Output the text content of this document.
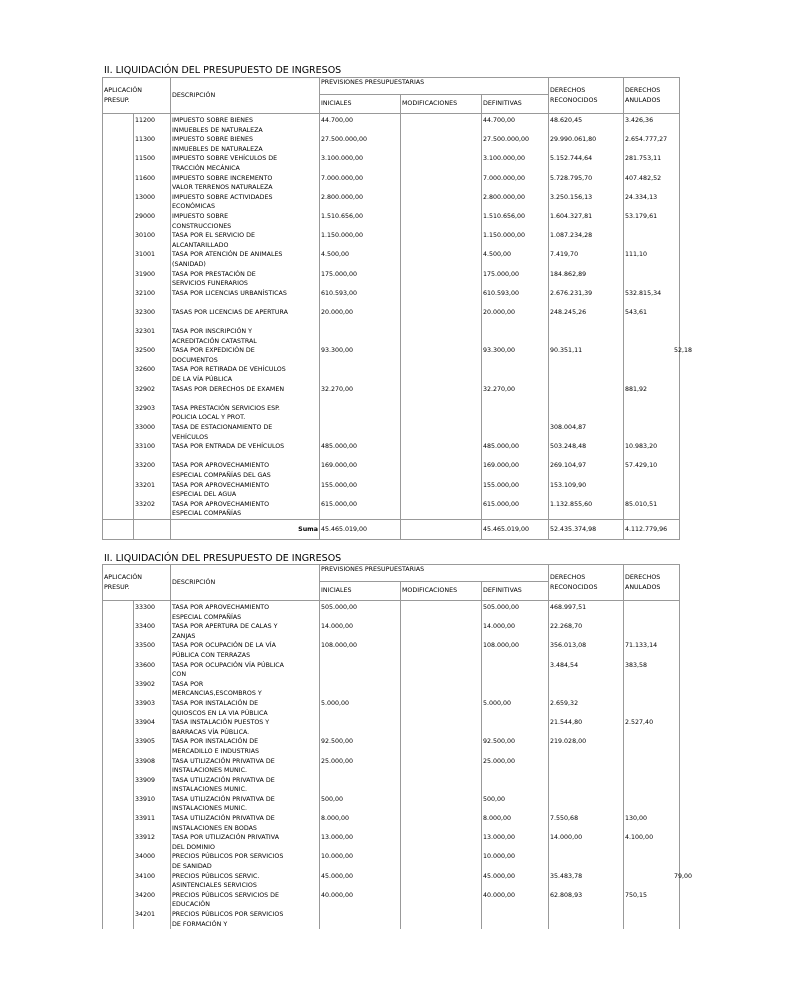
II. LIQUIDACIÓN DEL PRESUPUESTO DE INGRESOS
APLICACIÓN PRESUP.		DESCRIPCIÓN	PREVISIONES PRESUPUESTARIAS			DERECHOS RECONOCIDOS	DERECHOS ANULADOS
			INICIALES	MODIFICACIONES	DEFINITIVAS		
	11200	IMPUESTO SOBRE BIENES INMUEBLES DE NATURALEZA	44.700,00		44.700,00	48.620,45	3.426,36

	11300	IMPUESTO SOBRE BIENES INMUEBLES DE NATURALEZA	27.500.000,00		27.500.000,00	29.990.061,80	2.654.777,27

	11500	IMPUESTO SOBRE VEHÍCULOS DE TRACCIÓN MECÁNICA	3.100.000,00		3.100.000,00	5.152.744,64	281.753,11

	11600	IMPUESTO SOBRE INCREMENTO VALOR TERRENOS NATURALEZA	7.000.000,00		7.000.000,00	5.728.795,70	407.482,52

	13000	IMPUESTO SOBRE ACTIVIDADES ECONÓMICAS	2.800.000,00		2.800.000,00	3.250.156,13	24.334,13

	29000	IMPUESTO SOBRE CONSTRUCCIONES	1.510.656,00		1.510.656,00	1.604.327,81	53.179,61

	30100	TASA POR EL SERVICIO DE ALCANTARILLADO	1.150.000,00		1.150.000,00	1.087.234,28	

	31001	TASA POR ATENCIÓN DE ANIMALES (SANIDAD)	4.500,00		4.500,00	7.419,70	111,10

	31900	TASA POR PRESTACIÓN DE SERVICIOS FUNERARIOS	175.000,00		175.000,00	184.862,89	

	32100	TASA POR LICENCIAS URBANÍSTICAS	610.593,00		610.593,00	2.676.231,39	532.815,34

	32300	TASAS POR LICENCIAS DE APERTURA	20.000,00		20.000,00	248.245,26	543,61

	32301	TASA POR INSCRIPCIÓN Y ACREDITACIÓN CATASTRAL					

	32500	TASA POR EXPEDICIÓN DE DOCUMENTOS	93.300,00		93.300,00	90.351,11	52,18

	32600	TASA POR RETIRADA DE VEHÍCULOS DE LA VÍA PÚBLICA					

	32902	TASAS POR DERECHOS DE EXAMEN	32.270,00		32.270,00		881,92

	32903	TASA PRESTACIÓN SERVICIOS ESP. POLICIA LOCAL Y PROT.					

	33000	TASA DE ESTACIONAMIENTO DE VEHÍCULOS				308.004,87	

	33100	TASA POR ENTRADA DE VEHÍCULOS	485.000,00		485.000,00	503.248,48	10.983,20

	33200	TASA POR APROVECHAMIENTO ESPECIAL COMPAÑÍAS DEL GAS	169.000,00		169.000,00	269.104,97	57.429,10

	33201	TASA POR APROVECHAMIENTO ESPECIAL DEL AGUA	155.000,00		155.000,00	153.109,90	

	33202	TASA POR APROVECHAMIENTO ESPECIAL COMPAÑÍAS	615.000,00		615.000,00	1.132.855,60	85.010,51

		Suma	45.465.019,00		45.465.019,00	52.435.374,98	4.112.779,96
II. LIQUIDACIÓN DEL PRESUPUESTO DE INGRESOS
APLICACIÓN PRESUP.		DESCRIPCIÓN	PREVISIONES PRESUPUESTARIAS			DERECHOS RECONOCIDOS	DERECHOS ANULADOS
			INICIALES	MODIFICACIONES	DEFINITIVAS		
	33300	TASA POR APROVECHAMIENTO ESPECIAL COMPAÑÍAS	505.000,00		505.000,00	468.997,51	

	33400	TASA POR APERTURA DE CALAS Y ZANJAS	14.000,00		14.000,00	22.268,70	

	33500	TASA POR OCUPACIÓN DE LA VÍA PÚBLICA CON TERRAZAS	108.000,00		108.000,00	356.013,08	71.133,14

	33600	TASA POR OCUPACIÓN VÍA PÚBLICA CON				3.484,54	383,58

	33902	TASA POR MERCANCIAS,ESCOMBROS Y					

	33903	TASA POR INSTALACIÓN DE QUIOSCOS EN LA VIA PÚBLICA	5.000,00		5.000,00	2.659,32	

	33904	TASA INSTALACIÓN PUESTOS Y BARRACAS VÍA PÚBLICA.				21.544,80	2.527,40

	33905	TASA POR INSTALACIÓN DE MERCADILLO E INDUSTRIAS	92.500,00		92.500,00	219.028,00	

	33908	TASA UTILIZACIÓN PRIVATIVA DE INSTALACIONES MUNIC.	25.000,00		25.000,00		

	33909	TASA UTILIZACIÓN PRIVATIVA DE INSTALACIONES MUNIC.					

	33910	TASA UTILIZACIÓN PRIVATIVA DE INSTALACIONES MUNIC.	500,00		500,00		

	33911	TASA UTILIZACIÓN PRIVATIVA DE INSTALACIONES EN BODAS	8.000,00		8.000,00	7.550,68	130,00

	33912	TASA POR UTILIZACIÓN PRIVATIVA DEL DOMINIO	13.000,00		13.000,00	14.000,00	4.100,00

	34000	PRECIOS PÚBLICOS POR SERVICIOS DE SANIDAD	10.000,00		10.000,00		

	34100	PRECIOS PÚBLICOS SERVIC. ASINTENCIALES SERVICIOS	45.000,00		45.000,00	35.483,78	79,00

	34200	PRECIOS PÚBLICOS SERVICIOS DE EDUCACIÓN	40.000,00		40.000,00	62.808,93	750,15

	34201	PRECIOS PÚBLICOS POR SERVICIOS DE FORMACIÓN Y					
